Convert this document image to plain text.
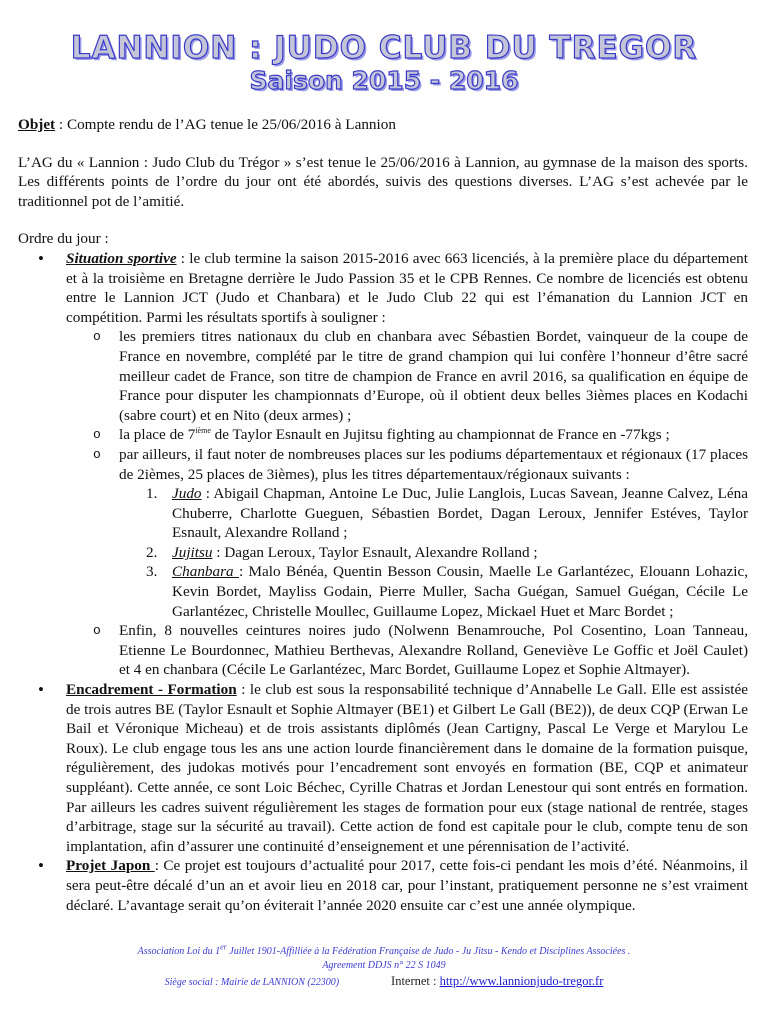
LANNION : JUDO CLUB DU TREGOR
Saison 2015 - 2016

Objet : Compte rendu de l’AG tenue le 25/06/2016 à Lannion

L’AG du « Lannion : Judo Club du Trégor » s’est tenue le 25/06/2016 à Lannion, au gymnase de la maison des sports. Les différents points de l’ordre du jour ont été abordés, suivis des questions diverses. L’AG s’est achevée par le traditionnel pot de l’amitié.

Ordre du jour :

• Situation sportive : le club termine la saison 2015-2016 avec 663 licenciés, à la première place du département et à la troisième en Bretagne derrière le Judo Passion 35 et le CPB Rennes. Ce nombre de licenciés est obtenu entre le Lannion JCT (Judo et Chanbara) et le Judo Club 22 qui est l’émanation du Lannion JCT en compétition. Parmi les résultats sportifs à souligner :
o les premiers titres nationaux du club en chanbara avec Sébastien Bordet, vainqueur de la coupe de France en novembre, complété par le titre de grand champion qui lui confère l’honneur d’être sacré meilleur cadet de France, son titre de champion de France en avril 2016, sa qualification en équipe de France pour disputer les championnats d’Europe, où il obtient deux belles 3ièmes places en Kodachi (sabre court) et en Nito (deux armes) ;
o la place de 7ième de Taylor Esnault en Jujitsu fighting au championnat de France en -77kgs ;
o par ailleurs, il faut noter de nombreuses places sur les podiums départementaux et régionaux (17 places de 2ièmes, 25 places de 3ièmes), plus les titres départementaux/régionaux suivants :
1. Judo : Abigail Chapman, Antoine Le Duc, Julie Langlois, Lucas Savean, Jeanne Calvez, Léna Chuberre, Charlotte Gueguen, Sébastien Bordet, Dagan Leroux, Jennifer Estéves, Taylor Esnault, Alexandre Rolland ;
2. Jujitsu : Dagan Leroux, Taylor Esnault, Alexandre Rolland ;
3. Chanbara : Malo Bénéa, Quentin Besson Cousin, Maelle Le Garlantézec, Elouann Lohazic, Kevin Bordet, Mayliss Godain, Pierre Muller, Sacha Guégan, Samuel Guégan, Cécile Le Garlantézec, Christelle Moullec, Guillaume Lopez, Mickael Huet et Marc Bordet ;
o Enfin, 8 nouvelles ceintures noires judo (Nolwenn Benamrouche, Pol Cosentino, Loan Tanneau, Etienne Le Bourdonnec, Mathieu Berthevas, Alexandre Rolland, Geneviève Le Goffic et Joël Caulet) et 4 en chanbara (Cécile Le Garlantézec, Marc Bordet, Guillaume Lopez et Sophie Altmayer).
• Encadrement - Formation : le club est sous la responsabilité technique d’Annabelle Le Gall. Elle est assistée de trois autres BE (Taylor Esnault et Sophie Altmayer (BE1) et Gilbert Le Gall (BE2)), de deux CQP (Erwan Le Bail et Véronique Micheau) et de trois assistants diplômés (Jean Cartigny, Pascal Le Verge et Marylou Le Roux). Le club engage tous les ans une action lourde financièrement dans le domaine de la formation puisque, régulièrement, des judokas motivés pour l’encadrement sont envoyés en formation (BE, CQP et animateur suppléant). Cette année, ce sont Loic Béchec, Cyrille Chatras et Jordan Lenestour qui sont entrés en formation. Par ailleurs les cadres suivent régulièrement les stages de formation pour eux (stage national de rentrée, stages d’arbitrage, stage sur la sécurité au travail). Cette action de fond est capitale pour le club, compte tenu de son implantation, afin d’assurer une continuité d’enseignement et une pérennisation de l’activité.
• Projet Japon : Ce projet est toujours d’actualité pour 2017, cette fois-ci pendant les mois d’été. Néanmoins, il sera peut-être décalé d’un an et avoir lieu en 2018 car, pour l’instant, pratiquement personne ne s’est vraiment déclaré. L’avantage serait qu’on éviterait l’année 2020 ensuite car c’est une année olympique.
Association Loi du 1er Juillet 1901-Affilliée à la Fédération Française de Judo - Ju Jitsu - Kendo et Disciplines Associées .
Agreement DDJS n° 22 S 1049
Siège social : Mairie de LANNION (22300)	Internet : http://www.lannionjudo-tregor.fr
